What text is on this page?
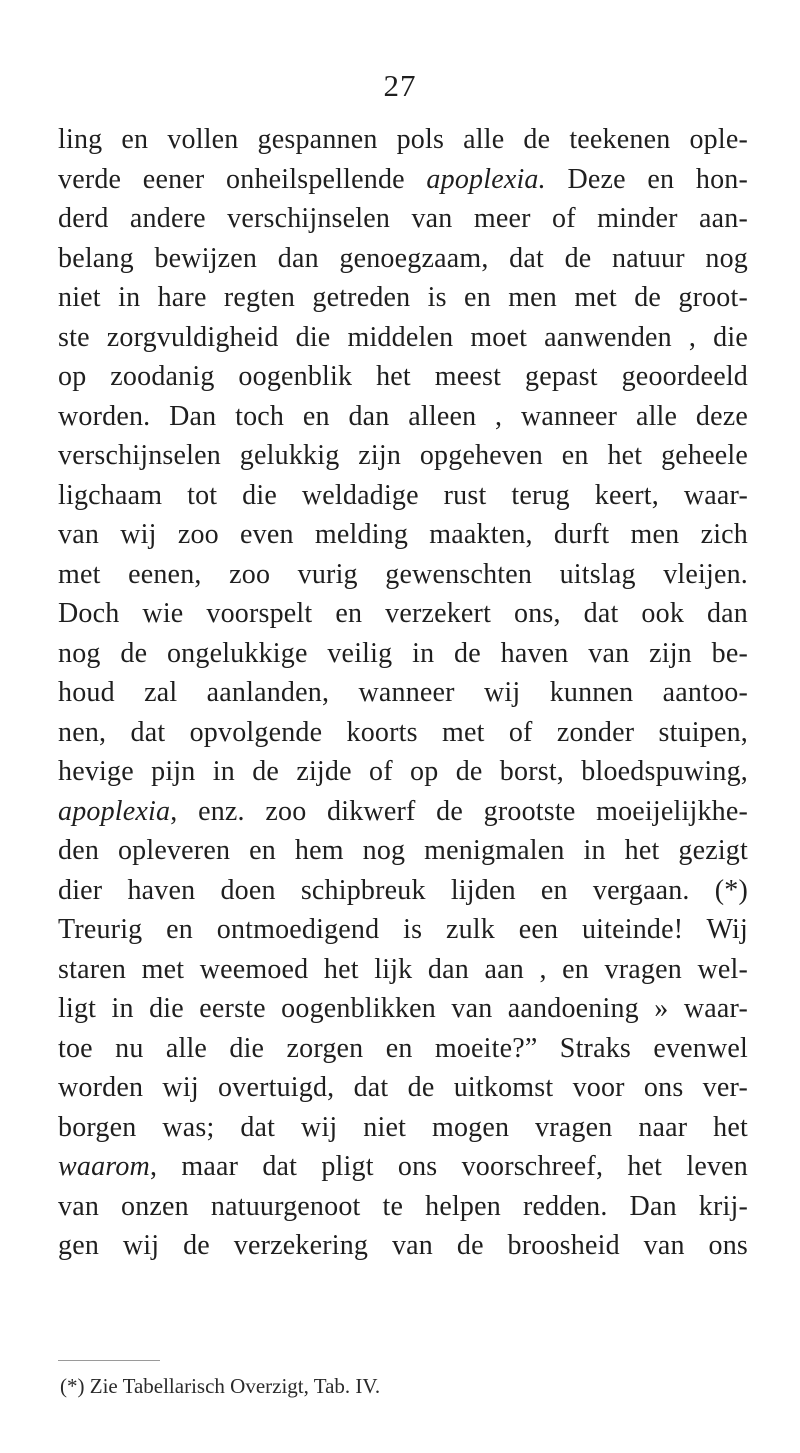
27
ling en vollen gespannen pols alle de teekenen ople-
verde eener onheilspellende apoplexia. Deze en hon-
derd andere verschijnselen van meer of minder aan-
belang bewijzen dan genoegzaam, dat de natuur nog
niet in hare regten getreden is en men met de groot-
ste zorgvuldigheid die middelen moet aanwenden , die
op zoodanig oogenblik het meest gepast geoordeeld
worden. Dan toch en dan alleen , wanneer alle deze
verschijnselen gelukkig zijn opgeheven en het geheele
ligchaam tot die weldadige rust terug keert, waar-
van wij zoo even melding maakten, durft men zich
met eenen, zoo vurig gewenschten uitslag vleijen.
Doch wie voorspelt en verzekert ons, dat ook dan
nog de ongelukkige veilig in de haven van zijn be-
houd zal aanlanden, wanneer wij kunnen aantoo-
nen, dat opvolgende koorts met of zonder stuipen,
hevige pijn in de zijde of op de borst, bloedspuwing,
apoplexia, enz. zoo dikwerf de grootste moeijelijkhe-
den opleveren en hem nog menigmalen in het gezigt
dier haven doen schipbreuk lijden en vergaan. (*)
Treurig en ontmoedigend is zulk een uiteinde! Wij
staren met weemoed het lijk dan aan , en vragen wel-
ligt in die eerste oogenblikken van aandoening » waar-
toe nu alle die zorgen en moeite?” Straks evenwel
worden wij overtuigd, dat de uitkomst voor ons ver-
borgen was; dat wij niet mogen vragen naar het
waarom, maar dat pligt ons voorschreef, het leven
van onzen natuurgenoot te helpen redden. Dan krij-
gen wij de verzekering van de broosheid van ons
(*) Zie Tabellarisch Overzigt, Tab. IV.
